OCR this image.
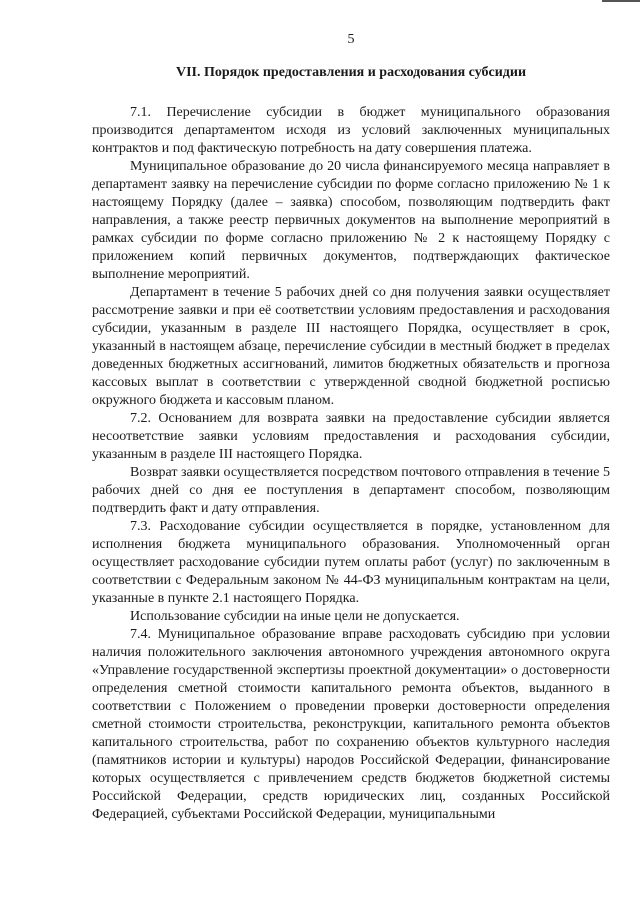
5
VII. Порядок предоставления и расходования субсидии

7.1. Перечисление субсидии в бюджет муниципального образования производится департаментом исходя из условий заключенных муниципальных контрактов и под фактическую потребность на дату совершения платежа.

Муниципальное образование до 20 числа финансируемого месяца направляет в департамент заявку на перечисление субсидии по форме согласно приложению № 1 к настоящему Порядку (далее – заявка) способом, позволяющим подтвердить факт направления, а также реестр первичных документов на выполнение мероприятий в рамках субсидии по форме согласно приложению № 2 к настоящему Порядку с приложением копий первичных документов, подтверждающих фактическое выполнение мероприятий.

Департамент в течение 5 рабочих дней со дня получения заявки осуществляет рассмотрение заявки и при её соответствии условиям предоставления и расходования субсидии, указанным в разделе III настоящего Порядка, осуществляет в срок, указанный в настоящем абзаце, перечисление субсидии в местный бюджет в пределах доведенных бюджетных ассигнований, лимитов бюджетных обязательств и прогноза кассовых выплат в соответствии с утвержденной сводной бюджетной росписью окружного бюджета и кассовым планом.

7.2. Основанием для возврата заявки на предоставление субсидии является несоответствие заявки условиям предоставления и расходования субсидии, указанным в разделе III настоящего Порядка.

Возврат заявки осуществляется посредством почтового отправления в течение 5 рабочих дней со дня ее поступления в департамент способом, позволяющим подтвердить факт и дату отправления.

7.3. Расходование субсидии осуществляется в порядке, установленном для исполнения бюджета муниципального образования. Уполномоченный орган осуществляет расходование субсидии путем оплаты работ (услуг) по заключенным в соответствии с Федеральным законом № 44-ФЗ муниципальным контрактам на цели, указанные в пункте 2.1 настоящего Порядка.

Использование субсидии на иные цели не допускается.

7.4. Муниципальное образование вправе расходовать субсидию при условии наличия положительного заключения автономного учреждения автономного округа «Управление государственной экспертизы проектной документации» о достоверности определения сметной стоимости капитального ремонта объектов, выданного в соответствии с Положением о проведении проверки достоверности определения сметной стоимости строительства, реконструкции, капитального ремонта объектов капитального строительства, работ по сохранению объектов культурного наследия (памятников истории и культуры) народов Российской Федерации, финансирование которых осуществляется с привлечением средств бюджетов бюджетной системы Российской Федерации, средств юридических лиц, созданных Российской Федерацией, субъектами Российской Федерации, муниципальными
